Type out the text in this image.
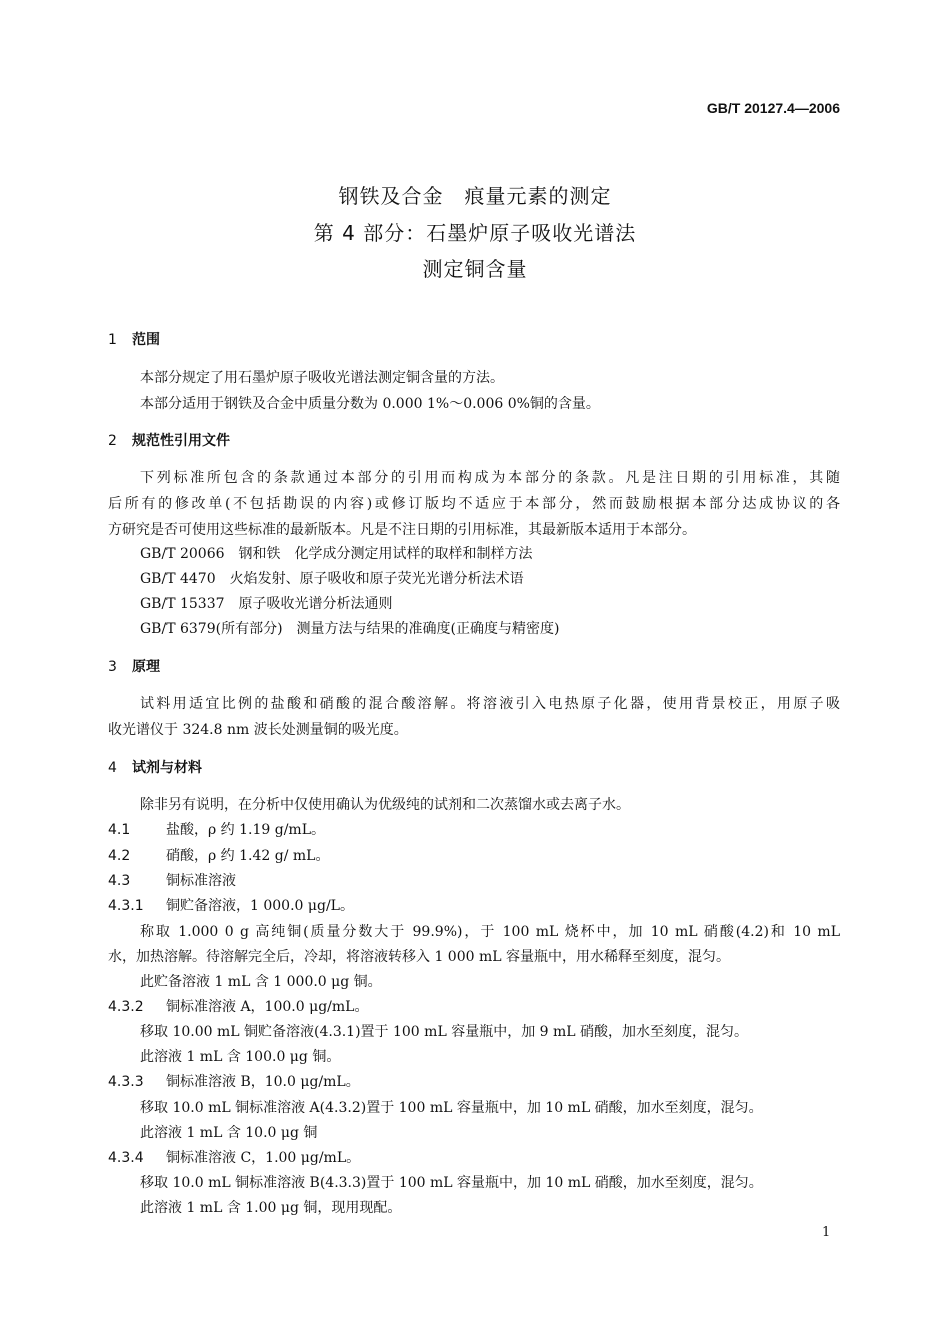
GB/T 20127.4—2006
钢铁及合金　痕量元素的测定
第 4 部分：石墨炉原子吸收光谱法
测定铜含量
1 范围
本部分规定了用石墨炉原子吸收光谱法测定铜含量的方法。
本部分适用于钢铁及合金中质量分数为 0.000 1%～0.006 0%铜的含量。
2 规范性引用文件
下列标准所包含的条款通过本部分的引用而构成为本部分的条款。凡是注日期的引用标准，其随
后所有的修改单(不包括勘误的内容)或修订版均不适应于本部分，然而鼓励根据本部分达成协议的各
方研究是否可使用这些标准的最新版本。凡是不注日期的引用标准，其最新版本适用于本部分。
GB/T 20066　钢和铁　化学成分测定用试样的取样和制样方法
GB/T 4470　火焰发射、原子吸收和原子荧光光谱分析法术语
GB/T 15337　原子吸收光谱分析法通则
GB/T 6379(所有部分)　测量方法与结果的准确度(正确度与精密度)
3 原理
试料用适宜比例的盐酸和硝酸的混合酸溶解。将溶液引入电热原子化器，使用背景校正，用原子吸
收光谱仪于 324.8 nm 波长处测量铜的吸光度。
4 试剂与材料
除非另有说明，在分析中仅使用确认为优级纯的试剂和二次蒸馏水或去离子水。
4.1	盐酸，ρ 约 1.19 g/mL。
4.2	硝酸，ρ 约 1.42 g/ mL。
4.3	铜标准溶液
4.3.1 铜贮备溶液，1 000.0 μg/L。
称取 1.000 0 g 高纯铜(质量分数大于 99.9%)，于 100 mL 烧杯中，加 10 mL 硝酸(4.2)和 10 mL
水，加热溶解。待溶解完全后，冷却，将溶液转移入 1 000 mL 容量瓶中，用水稀释至刻度，混匀。
此贮备溶液 1 mL 含 1 000.0 μg 铜。
4.3.2 铜标准溶液 A，100.0 μg/mL。
移取 10.00 mL 铜贮备溶液(4.3.1)置于 100 mL 容量瓶中，加 9 mL 硝酸，加水至刻度，混匀。
此溶液 1 mL 含 100.0 μg 铜。
4.3.3 铜标准溶液 B，10.0 μg/mL。
移取 10.0 mL 铜标准溶液 A(4.3.2)置于 100 mL 容量瓶中，加 10 mL 硝酸，加水至刻度，混匀。
此溶液 1 mL 含 10.0 μg 铜
4.3.4 铜标准溶液 C，1.00 μg/mL。
移取 10.0 mL 铜标准溶液 B(4.3.3)置于 100 mL 容量瓶中，加 10 mL 硝酸，加水至刻度，混匀。
此溶液 1 mL 含 1.00 μg 铜，现用现配。
1
